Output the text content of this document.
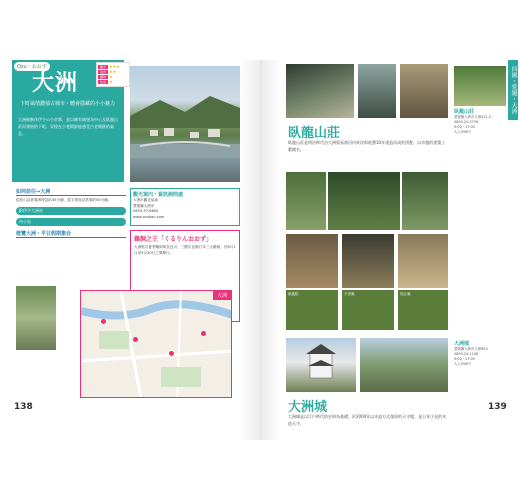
Ozu・おおず
大洲
下町風情濃郁古城市・體會隱藏的小小魅力
大洲被稱作伊予の小京都，是以擁有城堡為中心及臥龍山莊而發展的下町，穿梭在小巷間最能感受古老懷舊的氣息。
觀光 ★★★
美食 ★★
購物 ★
住宿 ★
如何前往→大洲
從松山站搭乘JR特急約35分鐘，從宇和島站搭乘約50分鐘。
JR伊予大洲站
內子站
遊覽大洲・平日假期集合
觀光案內・資訊詢問處
大洲市觀光協會
愛媛縣大洲市
0893-57-6655
www.ozukan.com
鵜飼之王「くるりんおおず」
大洲肱川夏季鵜飼與長良川、三隈川並稱日本三大鵜飼，於6月1日至9月20日之間舉行。
大洲
138
臥龍山莊
臥龍山莊是明治時代由大洲貿易商河內寅次郎耗費10年建造而成的別墅，以卓越的建築工藝聞名。
臥龍院	不老庵	知止庵
大洲城
大洲城是以江戶時代的史料為基礎，於2004年以木造方式復原的天守閣，是日本少見的木造天守。
臥龍山莊
愛媛縣大洲市大洲411-2
0893-24-3759
9:00～17:00
大人550円
大洲城
愛媛縣大洲市大洲903
0893-24-1146
9:00～17:00
大人550円
四國・愛媛・大洲
139
